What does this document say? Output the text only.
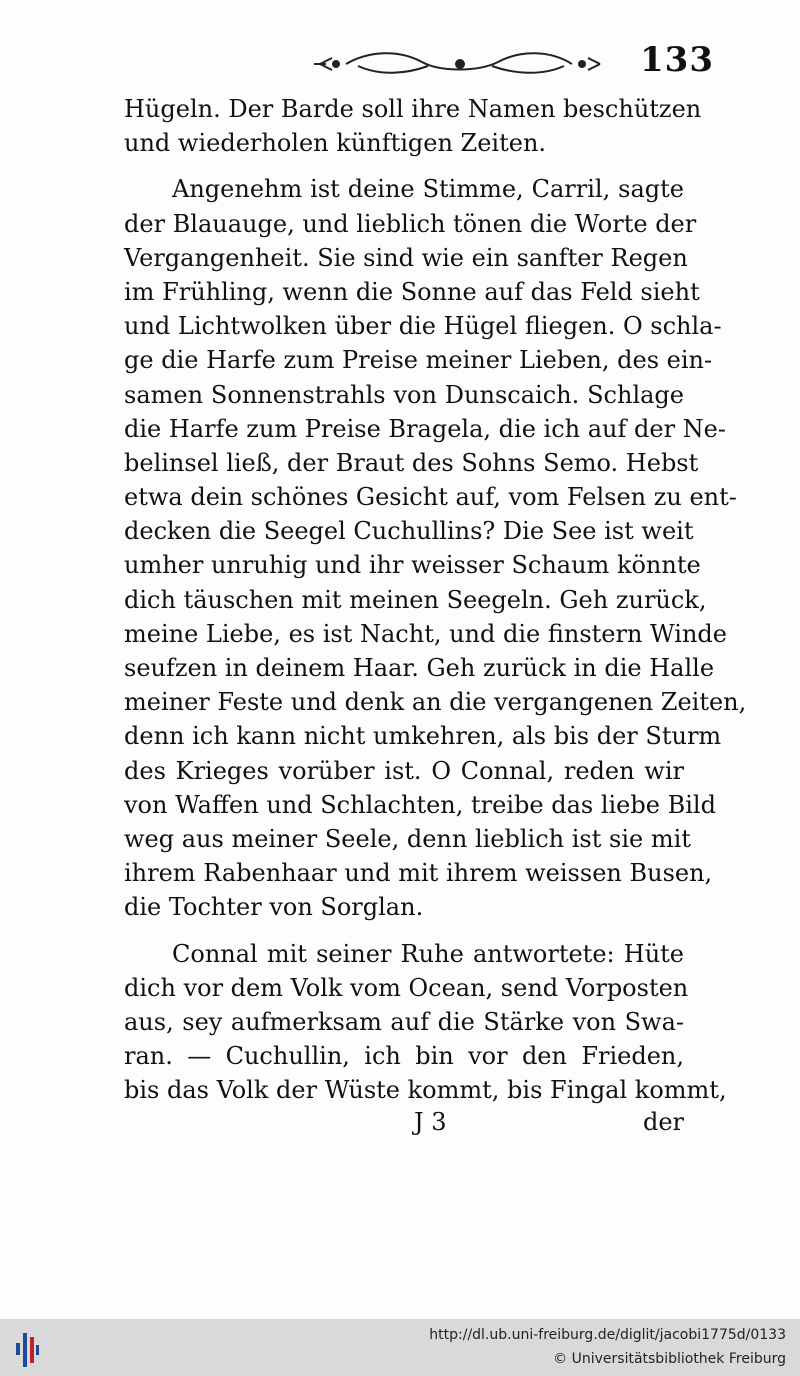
133
Hügeln. Der Barde soll ihre Namen beschützen
und wiederholen künftigen Zeiten.
Angenehm ist deine Stimme, Carril, sagte
der Blauauge, und lieblich tönen die Worte der
Vergangenheit. Sie sind wie ein sanfter Regen
im Frühling, wenn die Sonne auf das Feld sieht
und Lichtwolken über die Hügel fliegen. O schla-
ge die Harfe zum Preise meiner Lieben, des ein-
samen Sonnenstrahls von Dunscaich. Schlage
die Harfe zum Preise Bragela, die ich auf der Ne-
belinsel ließ, der Braut des Sohns Semo. Hebst
etwa dein schönes Gesicht auf, vom Felsen zu ent-
decken die Seegel Cuchullins? Die See ist weit
umher unruhig und ihr weisser Schaum könnte
dich täuschen mit meinen Seegeln. Geh zurück,
meine Liebe, es ist Nacht, und die finstern Winde
seufzen in deinem Haar. Geh zurück in die Halle
meiner Feste und denk an die vergangenen Zeiten,
denn ich kann nicht umkehren, als bis der Sturm
des Krieges vorüber ist. O Connal, reden wir
von Waffen und Schlachten, treibe das liebe Bild
weg aus meiner Seele, denn lieblich ist sie mit
ihrem Rabenhaar und mit ihrem weissen Busen,
die Tochter von Sorglan.
Connal mit seiner Ruhe antwortete: Hüte
dich vor dem Volk vom Ocean, send Vorposten
aus, sey aufmerksam auf die Stärke von Swa-
ran. — Cuchullin, ich bin vor den Frieden,
bis das Volk der Wüste kommt, bis Fingal kommt,
J 3	der
http://dl.ub.uni-freiburg.de/diglit/jacobi1775d/0133
© Universitätsbibliothek Freiburg
